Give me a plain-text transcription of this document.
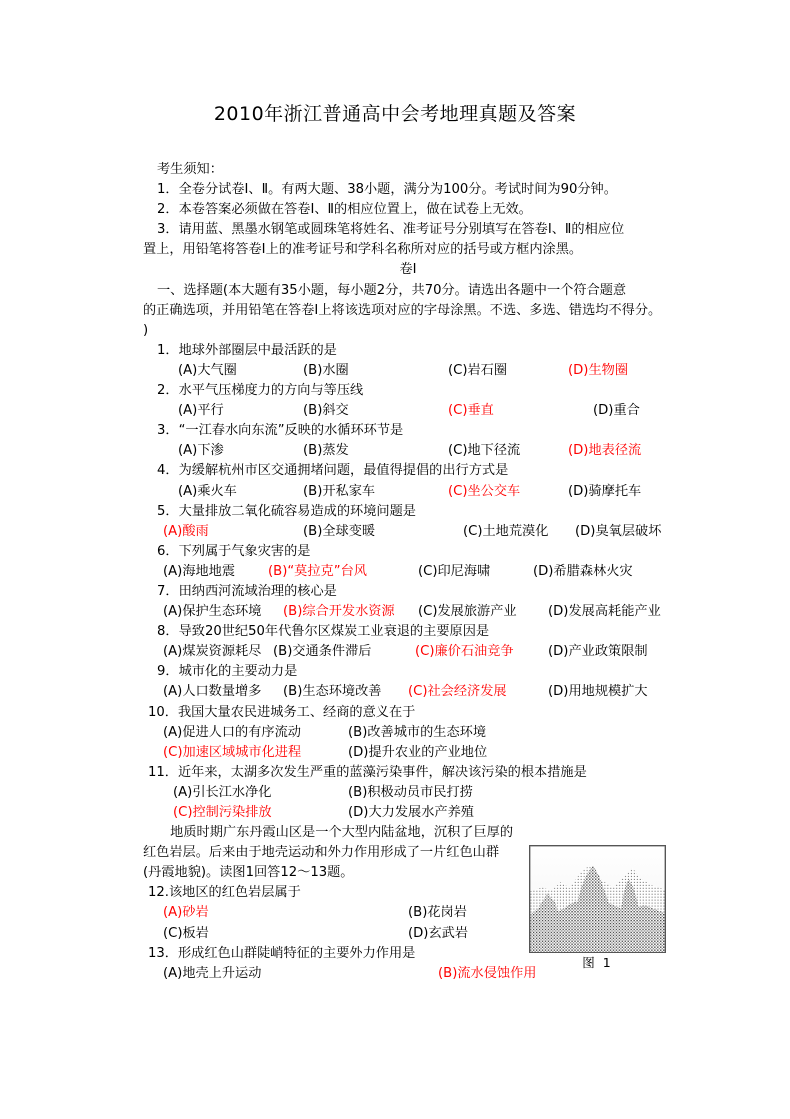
2010年浙江普通高中会考地理真题及答案
考生须知：
1．全卷分试卷Ⅰ、Ⅱ。有两大题、38小题，满分为100分。考试时间为90分钟。
2．本卷答案必须做在答卷Ⅰ、Ⅱ的相应位置上，做在试卷上无效。
3．请用蓝、黑墨水钢笔或圆珠笔将姓名、准考证号分别填写在答卷Ⅰ、Ⅱ的相应位
置上，用铅笔将答卷Ⅰ上的准考证号和学科名称所对应的括号或方框内涂黑。
卷Ⅰ
一、选择题(本大题有35小题，每小题2分，共70分。请选出各题中一个符合题意
的正确选项，并用铅笔在答卷Ⅰ上将该选项对应的字母涂黑。不选、多选、错选均不得分。
)
1．地球外部圈层中最活跃的是
(A)大气圈	(B)水圈	(C)岩石圈	(D)生物圈
2．水平气压梯度力的方向与等压线
(A)平行	(B)斜交	(C)垂直	(D)重合
3．“一江春水向东流”反映的水循环环节是
(A)下渗	(B)蒸发	(C)地下径流	(D)地表径流
4．为缓解杭州市区交通拥堵问题，最值得提倡的出行方式是
(A)乘火车	(B)开私家车	(C)坐公交车	(D)骑摩托车
5．大量排放二氧化硫容易造成的环境问题是
(A)酸雨	(B)全球变暖	(C)土地荒漠化 (D)臭氧层破坏
6．下列属于气象灾害的是
(A)海地地震 (B)“莫拉克”台风	(C)印尼海啸	(D)希腊森林火灾
7．田纳西河流域治理的核心是
(A)保护生态环境 (B)综合开发水资源 (C)发展旅游产业 (D)发展高耗能产业
8．导致20世纪50年代鲁尔区煤炭工业衰退的主要原因是
(A)煤炭资源耗尽 (B)交通条件滞后	(C)廉价石油竞争	(D)产业政策限制
9．城市化的主要动力是
(A)人口数量增多 (B)生态环境改善 (C)社会经济发展	(D)用地规模扩大
10．我国大量农民进城务工、经商的意义在于
(A)促进人口的有序流动	(B)改善城市的生态环境
(C)加速区域城市化进程	(D)提升农业的产业地位
11．近年来，太湖多次发生严重的蓝藻污染事件，解决该污染的根本措施是
(A)引长江水净化	(B)积极动员市民打捞
(C)控制污染排放	(D)大力发展水产养殖
　地质时期广东丹霞山区是一个大型内陆盆地，沉积了巨厚的
红色岩层。后来由于地壳运动和外力作用形成了一片红色山群
(丹霞地貌)。读图1回答12～13题。
12.该地区的红色岩层属于
(A)砂岩	(B)花岗岩
(C)板岩	(D)玄武岩
13．形成红色山群陡峭特征的主要外力作用是
(A)地壳上升运动	(B)流水侵蚀作用
图 1
